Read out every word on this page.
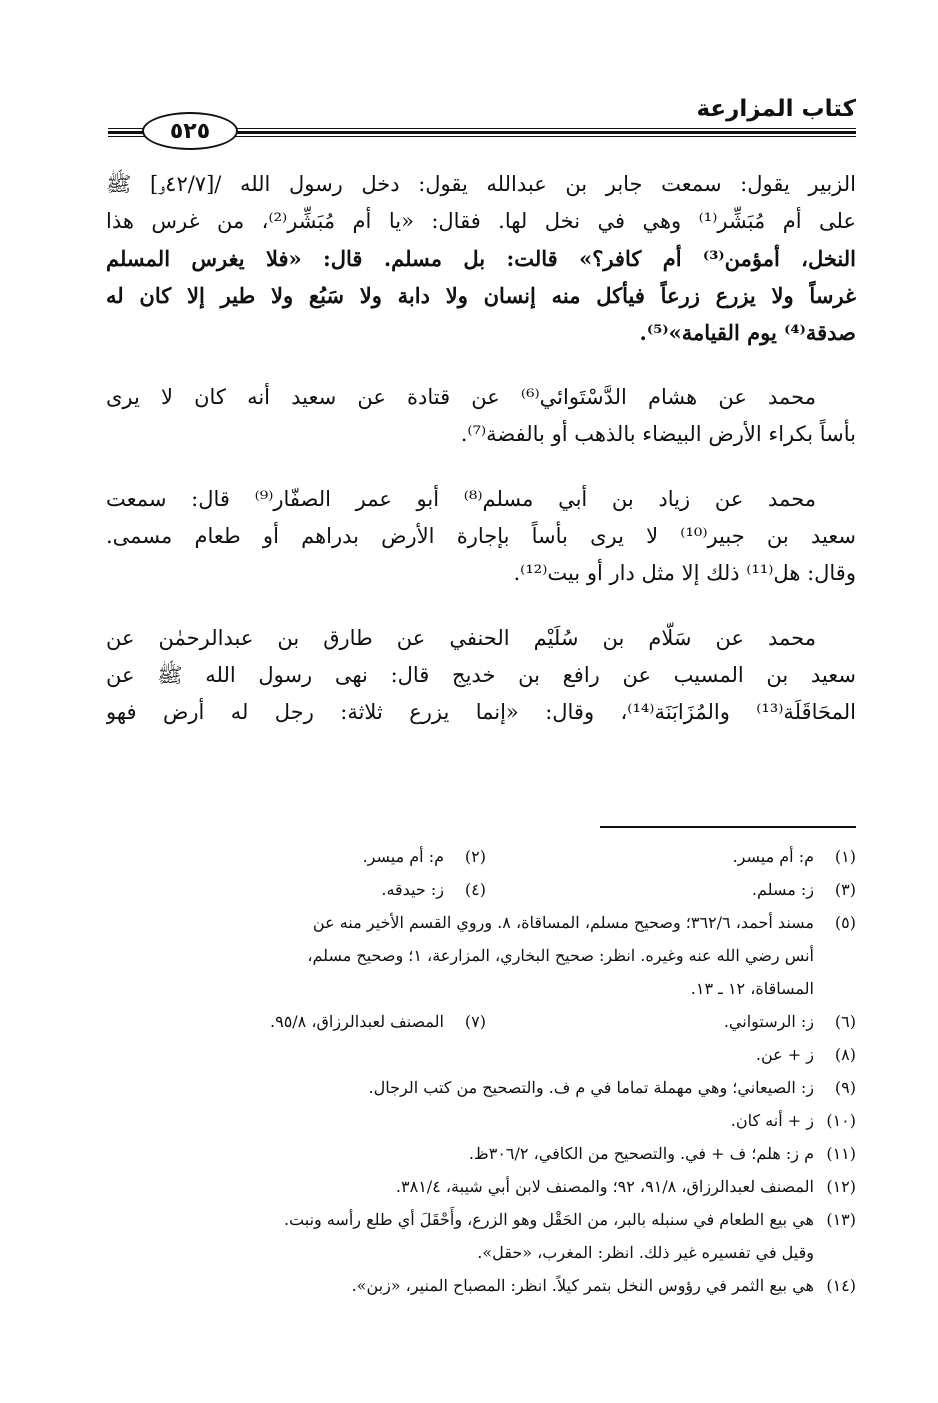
كتاب المزارعة
٥٢٥
الزبير يقول: سمعت جابر بن عبدالله يقول: دخل رسول الله /[٤٢/٧و] ﷺ
على أم مُبَشِّر⁽¹⁾ وهي في نخل لها. فقال: «يا أم مُبَشِّر⁽²⁾، من غرس هذا
النخل، أمؤمن⁽³⁾ أم كافر؟» قالت: بل مسلم. قال: «فلا يغرس المسلم
غرساً ولا يزرع زرعاً فيأكل منه إنسان ولا دابة ولا سَبُع ولا طير إلا كان له
صدقة⁽⁴⁾ يوم القيامة»⁽⁵⁾.
محمد عن هشام الدَّسْتَوائي⁽⁶⁾ عن قتادة عن سعيد أنه كان لا يرى
بأساً بكراء الأرض البيضاء بالذهب أو بالفضة⁽⁷⁾.
محمد عن زياد بن أبي مسلم⁽⁸⁾ أبو عمر الصفّار⁽⁹⁾ قال: سمعت
سعيد بن جبير⁽¹⁰⁾ لا يرى بأساً بإجارة الأرض بدراهم أو طعام مسمى.
وقال: هل⁽¹¹⁾ ذلك إلا مثل دار أو بيت⁽¹²⁾.
محمد عن سَلّام بن سُلَيْم الحنفي عن طارق بن عبدالرحمٰن عن
سعيد بن المسيب عن رافع بن خديج قال: نهى رسول الله ﷺ عن
المحَاقَلَة⁽¹³⁾ والمُزَابَنَة⁽¹⁴⁾، وقال: «إنما يزرع ثلاثة: رجل له أرض فهو
(١)
م: أم ميسر.
(٢)
م: أم ميسر.
(٣)
ز: مسلم.
(٤)
ز: حيدقه.
(٥)مسند أحمد، ٣٦٢/٦؛ وصحيح مسلم، المساقاة، ٨. وروي القسم الأخير منه عن
أنس رضي الله عنه وغيره. انظر: صحيح البخاري، المزارعة، ١؛ وصحيح مسلم،
المساقاة، ١٢ ـ ١٣.
(٦)
ز: الرستواني.
(٧)
المصنف لعبدالرزاق، ٩٥/٨.
(٨)
ز + عن.
(٩)
ز: الصيعاني؛ وهي مهملة تماما في م ف. والتصحيح من كتب الرجال.
(١٠)
ز + أنه كان.
(١١)
م ز: هلم؛ ف + في. والتصحيح من الكافي، ٣٠٦/٢ظ.
(١٢)
المصنف لعبدالرزاق، ٩١/٨، ٩٢؛ والمصنف لابن أبي شيبة، ٣٨١/٤.
(١٣)هي بيع الطعام في سنبله بالبر، من الحَقْل وهو الزرع، وأَحْقَلَ أي طلع رأسه ونبت.
وقيل في تفسيره غير ذلك. انظر: المغرب، «حقل».
(١٤)
هي بيع الثمر في رؤوس النخل بتمر كيلاً. انظر: المصباح المنير، «زبن».
